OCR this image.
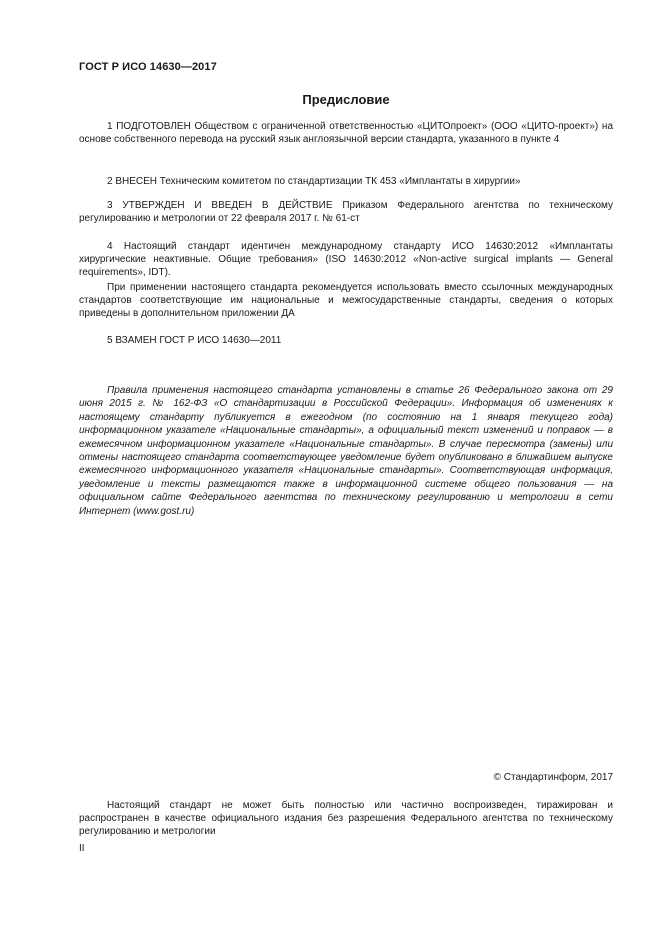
ГОСТ Р ИСО 14630—2017
Предисловие

1 ПОДГОТОВЛЕН Обществом с ограниченной ответственностью «ЦИТОпроект» (ООО «ЦИТО-проект») на основе собственного перевода на русский язык англоязычной версии стандарта, указанного в пункте 4

2 ВНЕСЕН Техническим комитетом по стандартизации ТК 453 «Имплантаты в хирургии»

3 УТВЕРЖДЕН И ВВЕДЕН В ДЕЙСТВИЕ Приказом Федерального агентства по техническому регулированию и метрологии от 22 февраля 2017 г. № 61-ст

4 Настоящий стандарт идентичен международному стандарту ИСО 14630:2012 «Имплантаты хирургические неактивные. Общие требования» (ISO 14630:2012 «Non-active surgical implants — General requirements», IDT).

При применении настоящего стандарта рекомендуется использовать вместо ссылочных международных стандартов соответствующие им национальные и межгосударственные стандарты, сведения о которых приведены в дополнительном приложении ДА

5 ВЗАМЕН ГОСТ Р ИСО 14630—2011

Правила применения настоящего стандарта установлены в статье 26 Федерального закона от 29 июня 2015 г. № 162-ФЗ «О стандартизации в Российской Федерации». Информация об изменениях к настоящему стандарту публикуется в ежегодном (по состоянию на 1 января текущего года) информационном указателе «Национальные стандарты», а официальный текст изменений и поправок — в ежемесячном информационном указателе «Национальные стандарты». В случае пересмотра (замены) или отмены настоящего стандарта соответствующее уведомление будет опубликовано в ближайшем выпуске ежемесячного информационного указателя «Национальные стандарты». Соответствующая информация, уведомление и тексты размещаются также в информационной системе общего пользования — на официальном сайте Федерального агентства по техническому регулированию и метрологии в сети Интернет (www.gost.ru)

© Стандартинформ, 2017

Настоящий стандарт не может быть полностью или частично воспроизведен, тиражирован и распространен в качестве официального издания без разрешения Федерального агентства по техническому регулированию и метрологии

II
